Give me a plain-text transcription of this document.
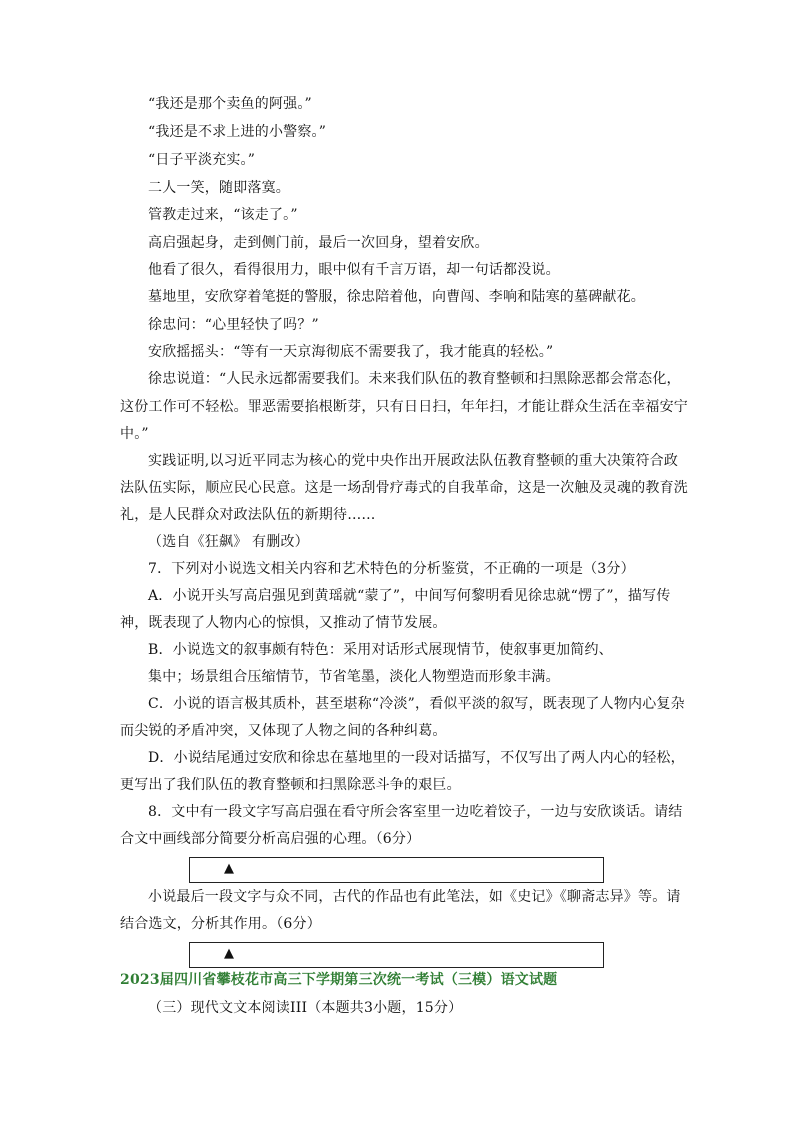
“我还是那个卖鱼的阿强。”
“我还是不求上进的小警察。”
“日子平淡充实。”
二人一笑，随即落寞。
管教走过来，“该走了。”
高启强起身，走到侧门前，最后一次回身，望着安欣。
他看了很久，看得很用力，眼中似有千言万语，却一句话都没说。
墓地里，安欣穿着笔挺的警服，徐忠陪着他，向曹闯、李响和陆寒的墓碑献花。
徐忠问：“心里轻快了吗？”
安欣摇摇头：“等有一天京海彻底不需要我了，我才能真的轻松。”
徐忠说道：“人民永远都需要我们。未来我们队伍的教育整顿和扫黑除恶都会常态化，
这份工作可不轻松。罪恶需要掐根断芽，只有日日扫，年年扫，才能让群众生活在幸福安宁
中。”
实践证明,以习近平同志为核心的党中央作出开展政法队伍教育整顿的重大决策符合政
法队伍实际，顺应民心民意。这是一场刮骨疗毒式的自我革命，这是一次触及灵魂的教育洗
礼，是人民群众对政法队伍的新期待……
（选自《狂飙》 有删改）
7．下列对小说选文相关内容和艺术特色的分析鉴赏，不正确的一项是（3分）
A．小说开头写高启强见到黄瑶就“蒙了”，中间写何黎明看见徐忠就“愣了”，描写传
神，既表现了人物内心的惊惧，又推动了情节发展。
B．小说选文的叙事颇有特色：采用对话形式展现情节，使叙事更加简约、
集中；场景组合压缩情节，节省笔墨，淡化人物塑造而形象丰满。
C．小说的语言极其质朴，甚至堪称“冷淡”，看似平淡的叙写，既表现了人物内心复杂
而尖锐的矛盾冲突，又体现了人物之间的各种纠葛。
D．小说结尾通过安欣和徐忠在墓地里的一段对话描写，不仅写出了两人内心的轻松，
更写出了我们队伍的教育整顿和扫黑除恶斗争的艰巨。
8．文中有一段文字写高启强在看守所会客室里一边吃着饺子，一边与安欣谈话。请结
合文中画线部分简要分析高启强的心理。（6分）
▲
小说最后一段文字与众不同，古代的作品也有此笔法，如《史记》《聊斋志异》等。请
结合选文，分析其作用。（6分）
▲
2023届四川省攀枝花市高三下学期第三次统一考试（三模）语文试题
（三）现代文文本阅读III（本题共3小题，15分）
